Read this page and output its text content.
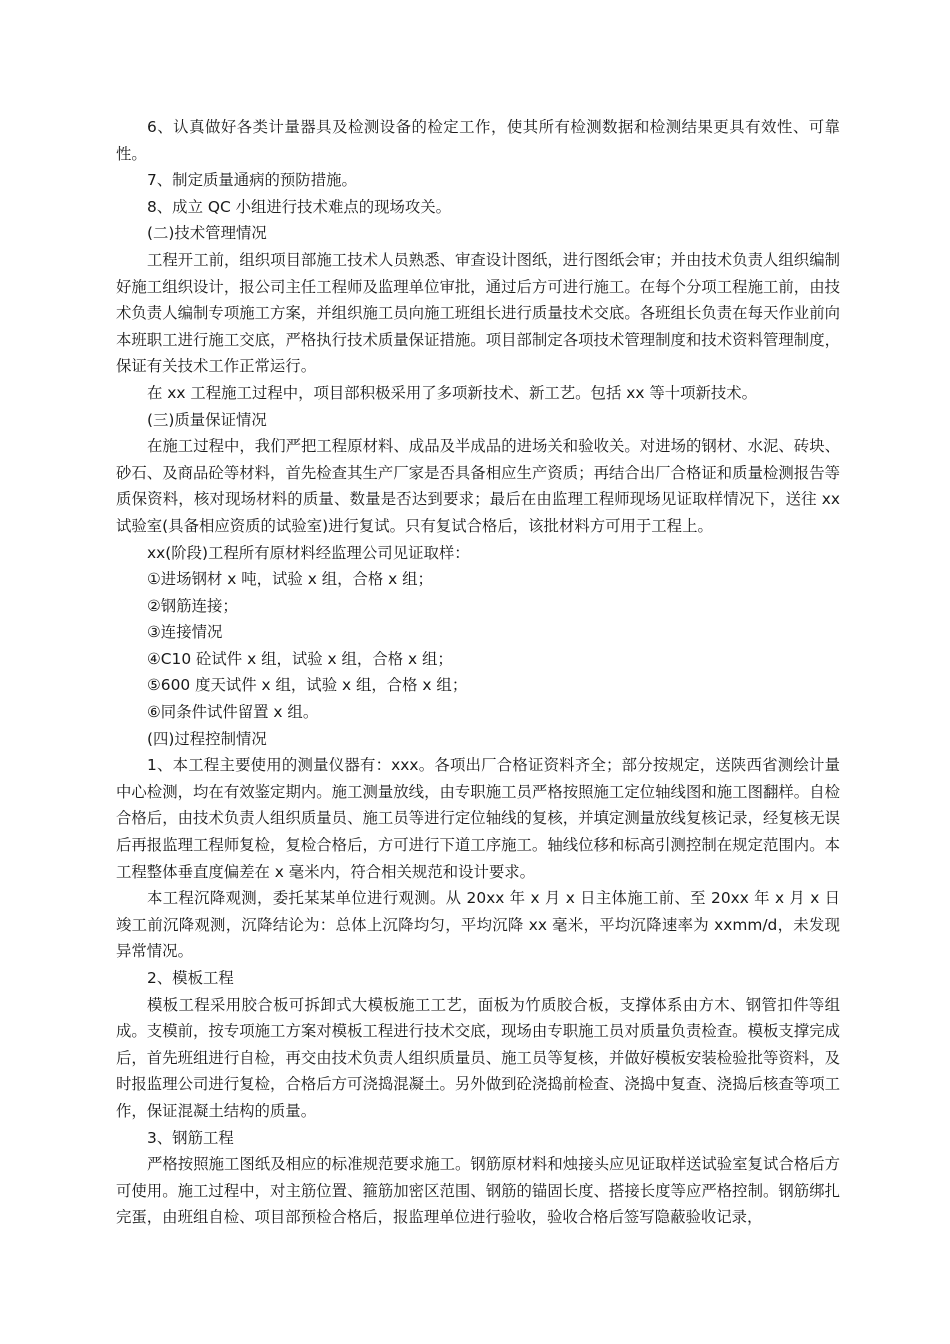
6、认真做好各类计量器具及检测设备的检定工作，使其所有检测数据和检测结果更具有效性、可靠性。

7、制定质量通病的预防措施。

8、成立 QC 小组进行技术难点的现场攻关。

(二)技术管理情况

工程开工前，组织项目部施工技术人员熟悉、审查设计图纸，进行图纸会审；并由技术负责人组织编制好施工组织设计，报公司主任工程师及监理单位审批，通过后方可进行施工。在每个分项工程施工前，由技术负责人编制专项施工方案，并组织施工员向施工班组长进行质量技术交底。各班组长负责在每天作业前向本班职工进行施工交底，严格执行技术质量保证措施。项目部制定各项技术管理制度和技术资料管理制度，保证有关技术工作正常运行。

在 xx 工程施工过程中，项目部积极采用了多项新技术、新工艺。包括 xx 等十项新技术。

(三)质量保证情况

在施工过程中，我们严把工程原材料、成品及半成品的进场关和验收关。对进场的钢材、水泥、砖块、砂石、及商品砼等材料，首先检查其生产厂家是否具备相应生产资质；再结合出厂合格证和质量检测报告等质保资料，核对现场材料的质量、数量是否达到要求；最后在由监理工程师现场见证取样情况下，送往 xx 试验室(具备相应资质的试验室)进行复试。只有复试合格后，该批材料方可用于工程上。

xx(阶段)工程所有原材料经监理公司见证取样：

①进场钢材 x 吨，试验 x 组，合格 x 组；

②钢筋连接；

③连接情况

④C10 砼试件 x 组，试验 x 组，合格 x 组；

⑤600 度天试件 x 组，试验 x 组，合格 x 组；

⑥同条件试件留置 x 组。

(四)过程控制情况

1、本工程主要使用的测量仪器有：xxx。各项出厂合格证资料齐全；部分按规定，送陕西省测绘计量中心检测，均在有效鉴定期内。施工测量放线，由专职施工员严格按照施工定位轴线图和施工图翻样。自检合格后，由技术负责人组织质量员、施工员等进行定位轴线的复核，并填定测量放线复核记录，经复核无误后再报监理工程师复检，复检合格后，方可进行下道工序施工。轴线位移和标高引测控制在规定范围内。本工程整体垂直度偏差在 x 毫米内，符合相关规范和设计要求。

本工程沉降观测，委托某某单位进行观测。从 20xx 年 x 月 x 日主体施工前、至 20xx 年 x 月 x 日竣工前沉降观测，沉降结论为：总体上沉降均匀，平均沉降 xx 毫米，平均沉降速率为 xxmm/d，未发现异常情况。

2、模板工程

模板工程采用胶合板可拆卸式大模板施工工艺，面板为竹质胶合板，支撑体系由方木、钢管扣件等组成。支模前，按专项施工方案对模板工程进行技术交底，现场由专职施工员对质量负责检查。模板支撑完成后，首先班组进行自检，再交由技术负责人组织质量员、施工员等复核，并做好模板安装检验批等资料，及时报监理公司进行复检，合格后方可浇捣混凝土。另外做到砼浇捣前检查、浇捣中复查、浇捣后核查等项工作，保证混凝土结构的质量。

3、钢筋工程

严格按照施工图纸及相应的标准规范要求施工。钢筋原材料和烛接头应见证取样送试验室复试合格后方可使用。施工过程中，对主筋位置、箍筋加密区范围、钢筋的锚固长度、搭接长度等应严格控制。钢筋绑扎完蛋，由班组自检、项目部预检合格后，报监理单位进行验收，验收合格后签写隐蔽验收记录，
